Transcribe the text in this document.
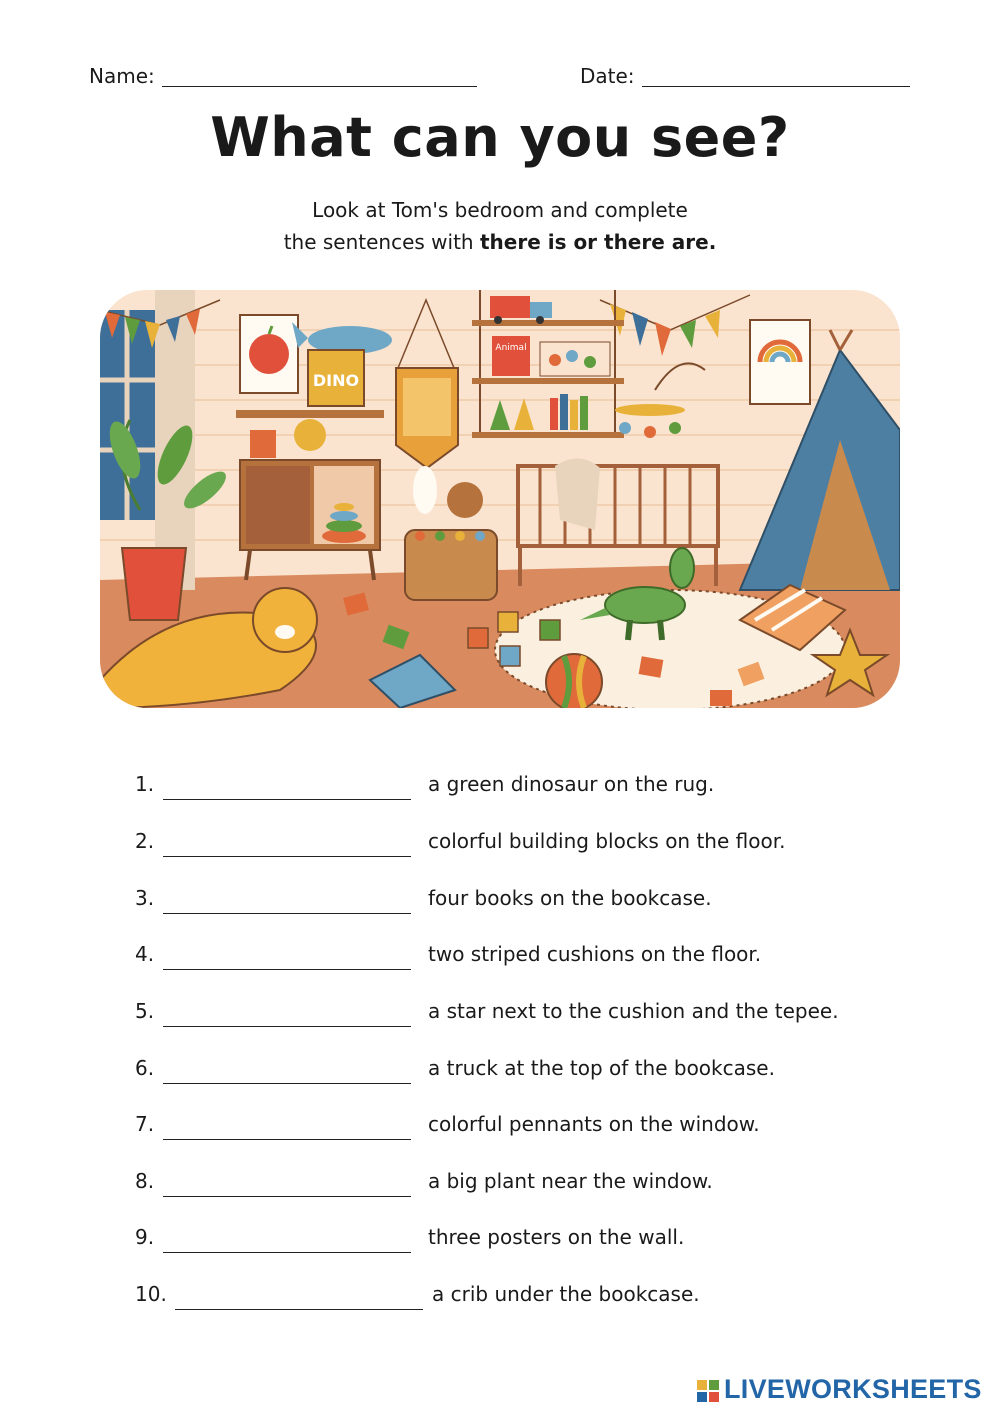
Name:	Date:
What can you see?
Look at Tom's bedroom and complete
the sentences with there is or there are.
DINO
Animal
1.	a green dinosaur on the rug.
2.	colorful building blocks on the floor.
3.	four books on the bookcase.
4.	two striped cushions on the floor.
5.	a star next to the cushion and the tepee.
6.	a truck at the top of the bookcase.
7.	colorful pennants on the window.
8.	a big plant near the window.
9.	three posters on the wall.
10.	a crib under the bookcase.
LIVEWORKSHEETS
